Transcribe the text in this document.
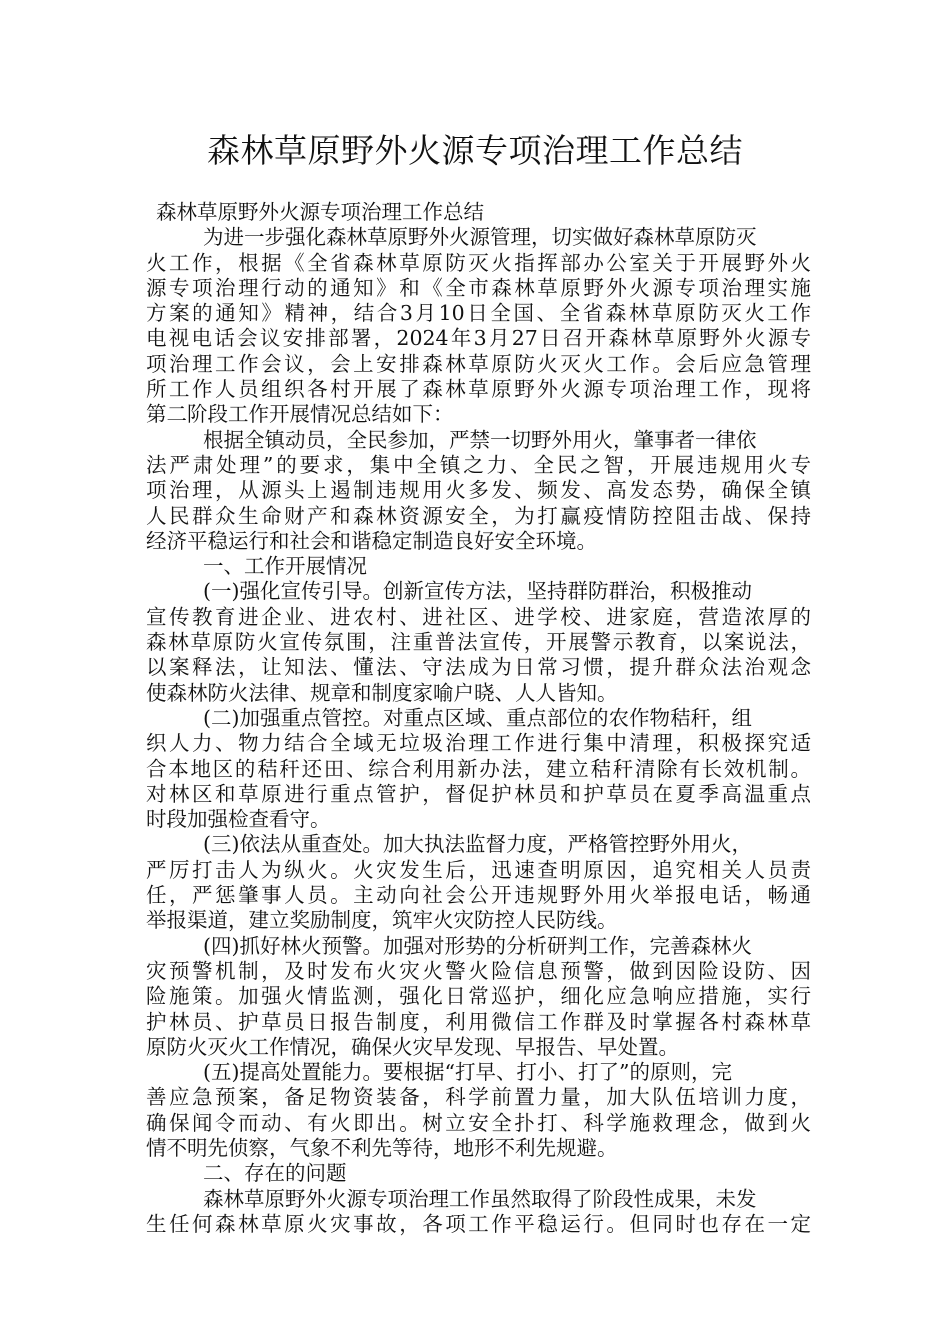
森林草原野外火源专项治理工作总结
森林草原野外火源专项治理工作总结
为进一步强化森林草原野外火源管理，切实做好森林草原防灭
火工作，根据《全省森林草原防灭火指挥部办公室关于开展野外火
源专项治理行动的通知》和《全市森林草原野外火源专项治理实施
方案的通知》精神，结合3月10日全国、全省森林草原防灭火工作
电视电话会议安排部署，2024年3月27日召开森林草原野外火源专
项治理工作会议，会上安排森林草原防火灭火工作。会后应急管理
所工作人员组织各村开展了森林草原野外火源专项治理工作，现将
第二阶段工作开展情况总结如下：
根据全镇动员，全民参加，严禁一切野外用火，肇事者一律依
法严肃处理”的要求，集中全镇之力、全民之智，开展违规用火专
项治理，从源头上遏制违规用火多发、频发、高发态势，确保全镇
人民群众生命财产和森林资源安全，为打赢疫情防控阻击战、保持
经济平稳运行和社会和谐稳定制造良好安全环境。
一、工作开展情况
(一)强化宣传引导。创新宣传方法，坚持群防群治，积极推动
宣传教育进企业、进农村、进社区、进学校、进家庭，营造浓厚的
森林草原防火宣传氛围，注重普法宣传，开展警示教育，以案说法，
以案释法，让知法、懂法、守法成为日常习惯，提升群众法治观念
使森林防火法律、规章和制度家喻户晓、人人皆知。
(二)加强重点管控。对重点区域、重点部位的农作物秸秆，组
织人力、物力结合全域无垃圾治理工作进行集中清理，积极探究适
合本地区的秸秆还田、综合利用新办法，建立秸秆清除有长效机制。
对林区和草原进行重点管护，督促护林员和护草员在夏季高温重点
时段加强检查看守。
(三)依法从重查处。加大执法监督力度，严格管控野外用火，
严厉打击人为纵火。火灾发生后，迅速查明原因，追究相关人员责
任，严惩肇事人员。主动向社会公开违规野外用火举报电话，畅通
举报渠道，建立奖励制度，筑牢火灾防控人民防线。
(四)抓好林火预警。加强对形势的分析研判工作，完善森林火
灾预警机制，及时发布火灾火警火险信息预警，做到因险设防、因
险施策。加强火情监测，强化日常巡护，细化应急响应措施，实行
护林员、护草员日报告制度，利用微信工作群及时掌握各村森林草
原防火灭火工作情况，确保火灾早发现、早报告、早处置。
(五)提高处置能力。要根据“打早、打小、打了”的原则，完
善应急预案，备足物资装备，科学前置力量，加大队伍培训力度，
确保闻令而动、有火即出。树立安全扑打、科学施救理念，做到火
情不明先侦察，气象不利先等待，地形不利先规避。
二、存在的问题
森林草原野外火源专项治理工作虽然取得了阶段性成果，未发
生任何森林草原火灾事故，各项工作平稳运行。但同时也存在一定
